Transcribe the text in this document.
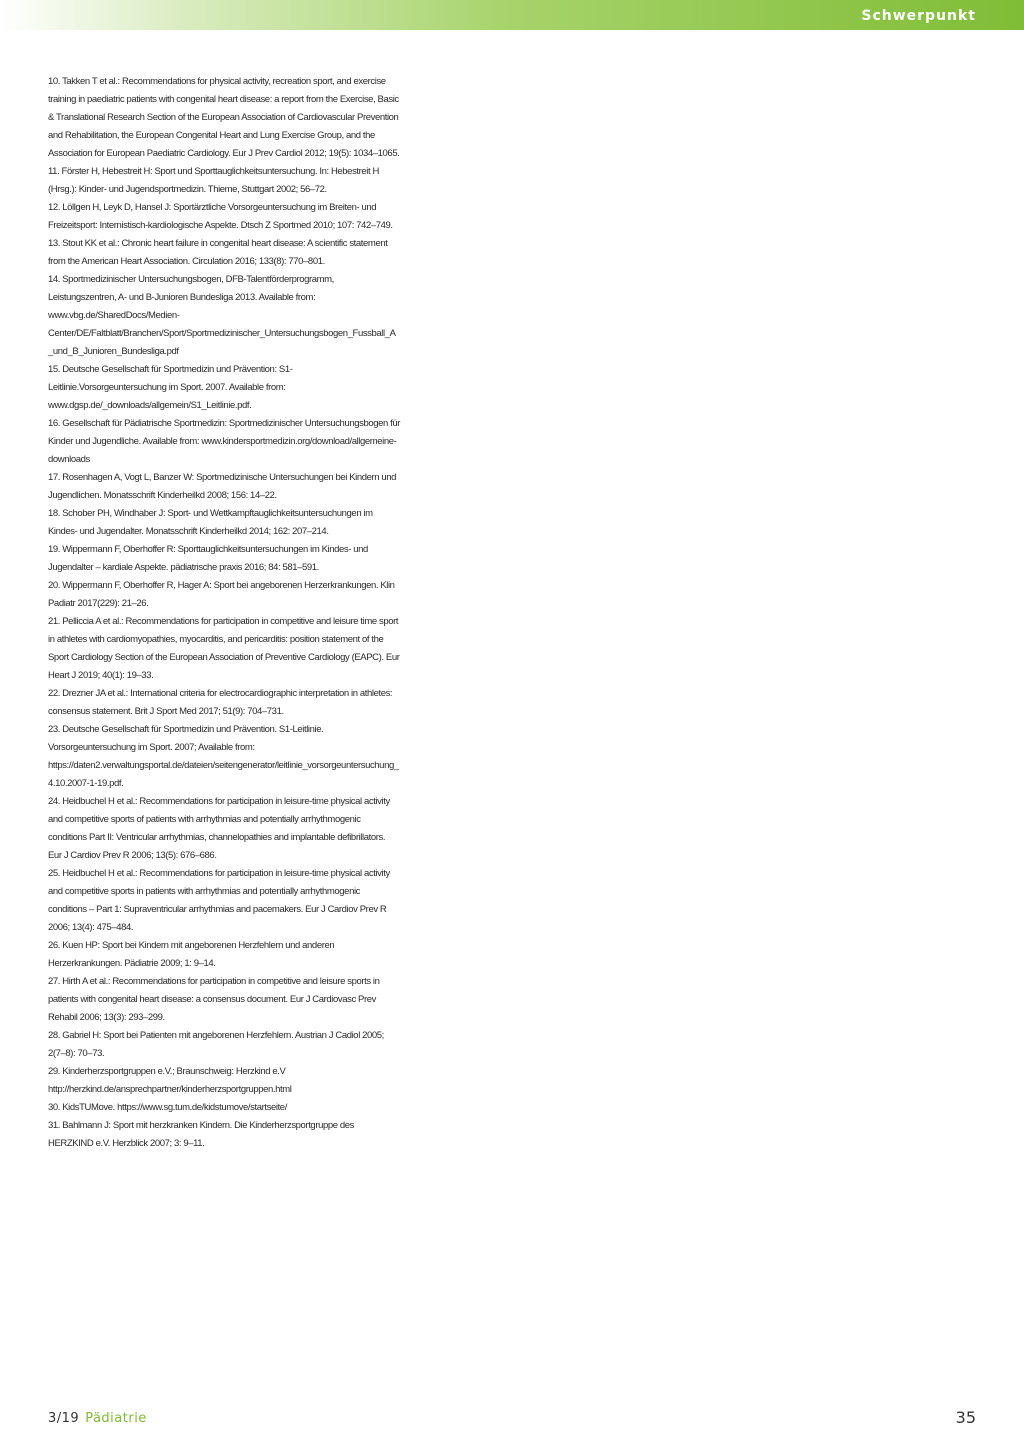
Schwerpunkt
10. Takken T et al.: Recommendations for physical activity, recreation sport, and exercise training in paediatric patients with congenital heart disease: a report from the Exercise, Basic & Translational Research Section of the European Association of Cardiovascular Prevention and Rehabilitation, the European Congenital Heart and Lung Exercise Group, and the Association for European Paediatric Cardiology. Eur J Prev Cardiol 2012; 19(5): 1034–1065.
11. Förster H, Hebestreit H: Sport und Sporttauglichkeitsuntersuchung. In: Hebestreit H (Hrsg.): Kinder- und Jugendsportmedizin. Thieme, Stuttgart 2002; 56–72.
12. Löllgen H, Leyk D, Hansel J: Sportärztliche Vorsorgeuntersuchung im Breiten- und Freizeitsport: Internistisch-kardiologische Aspekte. Dtsch Z Sportmed 2010; 107: 742–749.
13. Stout KK et al.: Chronic heart failure in congenital heart disease: A scientific statement from the American Heart Association. Circulation 2016; 133(8): 770–801.
14. Sportmedizinischer Untersuchungsbogen, DFB-Talentförderprogramm, Leistungszentren, A- und B-Junioren Bundesliga 2013. Available from: www.vbg.de/SharedDocs/Medien-Center/DE/Faltblatt/Branchen/Sport/Sportmedizinischer_Untersuchungsbogen_Fussball_A_und_B_Junioren_Bundesliga.pdf
15. Deutsche Gesellschaft für Sportmedizin und Prävention: S1-Leitlinie.Vorsorgeuntersuchung im Sport. 2007. Available from: www.dgsp.de/_downloads/allgemein/S1_Leitlinie.pdf.
16. Gesellschaft für Pädiatrische Sportmedizin: Sportmedizinischer Untersuchungsbogen für Kinder und Jugendliche. Available from: www.kindersportmedizin.org/download/allgemeine-downloads
17. Rosenhagen A, Vogt L, Banzer W: Sportmedizinische Untersuchungen bei Kindern und Jugendlichen. Monatsschrift Kinderheilkd 2008; 156: 14–22.
18. Schober PH, Windhaber J: Sport- und Wettkampftauglichkeitsuntersuchungen im Kindes- und Jugendalter. Monatsschrift Kinderheilkd 2014; 162: 207–214.
19. Wippermann F, Oberhoffer R: Sporttauglichkeitsuntersuchungen im Kindes- und Jugendalter – kardiale Aspekte. pädiatrische praxis 2016; 84: 581–591.
20. Wippermann F, Oberhoffer R, Hager A: Sport bei angeborenen Herzerkrankungen. Klin Padiatr 2017(229): 21–26.
21. Pelliccia A et al.: Recommendations for participation in competitive and leisure time sport in athletes with cardiomyopathies, myocarditis, and pericarditis: position statement of the Sport Cardiology Section of the European Association of Preventive Cardiology (EAPC). Eur Heart J 2019; 40(1): 19–33.
22. Drezner JA et al.: International criteria for electrocardiographic interpretation in athletes: consensus statement. Brit J Sport Med 2017; 51(9): 704–731.
23. Deutsche Gesellschaft für Sportmedizin und Prävention. S1-Leitlinie. Vorsorgeuntersuchung im Sport. 2007; Available from: https://daten2.verwaltungsportal.de/dateien/seitengenerator/leitlinie_vorsorgeuntersuchung_4.10.2007-1-19.pdf.
24. Heidbuchel H et al.: Recommendations for participation in leisure-time physical activity and competitive sports of patients with arrhythmias and potentially arrhythmogenic conditions Part II: Ventricular arrhythmias, channelopathies and implantable defibrillators. Eur J Cardiov Prev R 2006; 13(5): 676–686.
25. Heidbuchel H et al.: Recommendations for participation in leisure-time physical activity and competitive sports in patients with arrhythmias and potentially arrhythmogenic conditions – Part 1: Supraventricular arrhythmias and pacemakers. Eur J Cardiov Prev R 2006; 13(4): 475–484.
26. Kuen HP: Sport bei Kindern mit angeborenen Herzfehlern und anderen Herzerkrankungen. Pädiatrie 2009; 1: 9–14.
27. Hirth A et al.: Recommendations for participation in competitive and leisure sports in patients with congenital heart disease: a consensus document. Eur J Cardiovasc Prev Rehabil 2006; 13(3): 293–299.
28. Gabriel H: Sport bei Patienten mit angeborenen Herzfehlern. Austrian J Cadiol 2005; 2(7–8): 70–73.
29. Kinderherzsportgruppen e.V.; Braunschweig: Herzkind e.V http://herzkind.de/ansprechpartner/kinderherzsportgruppen.html
30. KidsTUMove. https://www.sg.tum.de/kidstumove/startseite/
31. Bahlmann J: Sport mit herzkranken Kindern. Die Kinderherzsportgruppe des HERZKIND e.V. Herzblick 2007; 3: 9–11.
3/19 Pädiatrie	35
